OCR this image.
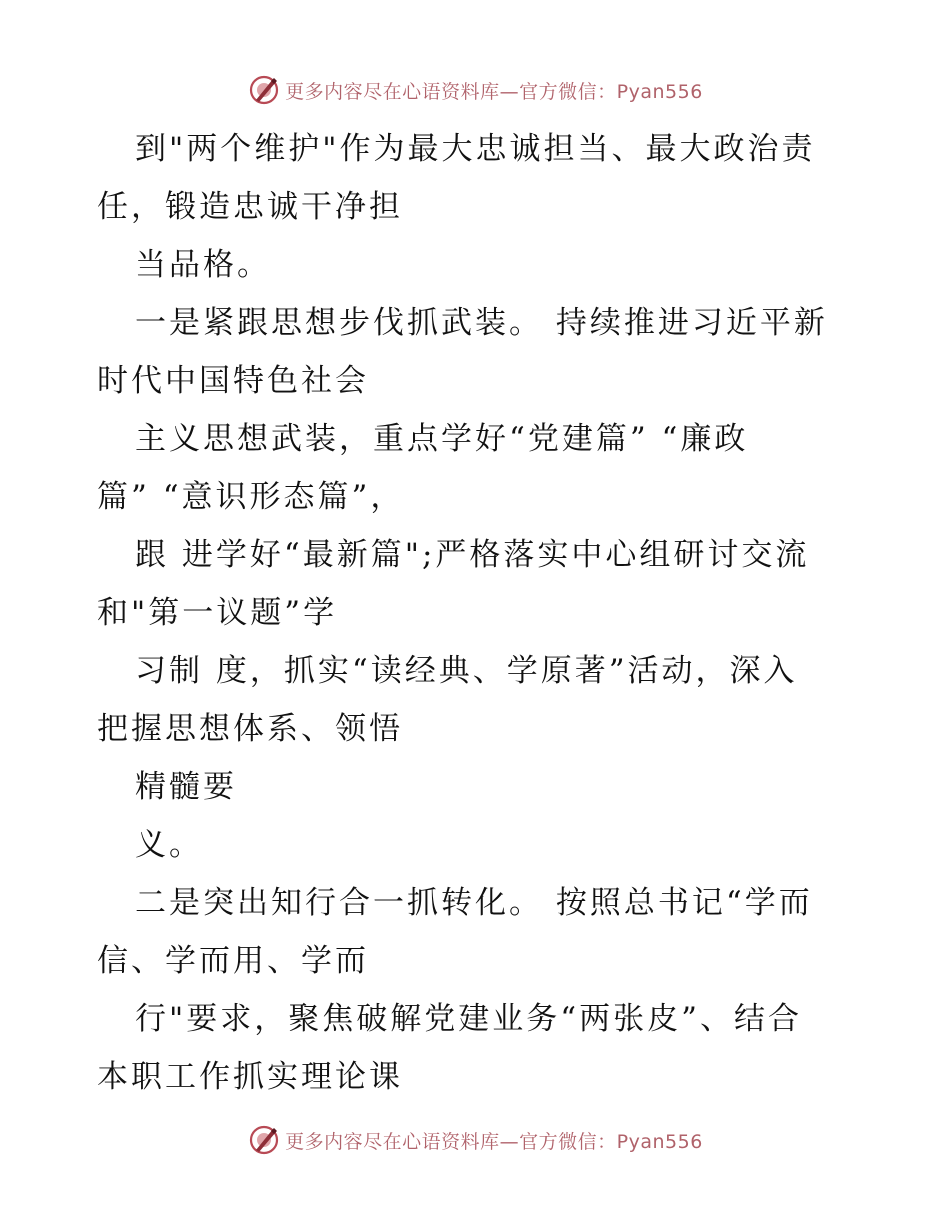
更多内容尽在心语资料库—官方微信：Pyan556
到"两个维护"作为最大忠诚担当、最大政治责
任，锻造忠诚干净担
当品格。
一是紧跟思想步伐抓武装。 持续推进习近平新
时代中国特色社会
主义思想武装，重点学好“党建篇” “廉政
篇” “意识形态篇”，
跟 进学好“最新篇";严格落实中心组研讨交流
和"第一议题”学
习制 度，抓实“读经典、学原著”活动，深入
把握思想体系、领悟
精髓要
义。
二是突出知行合一抓转化。 按照总书记“学而
信、学而用、学而
行"要求，聚焦破解党建业务“两张皮”、结合
本职工作抓实理论课
更多内容尽在心语资料库—官方微信：Pyan556
